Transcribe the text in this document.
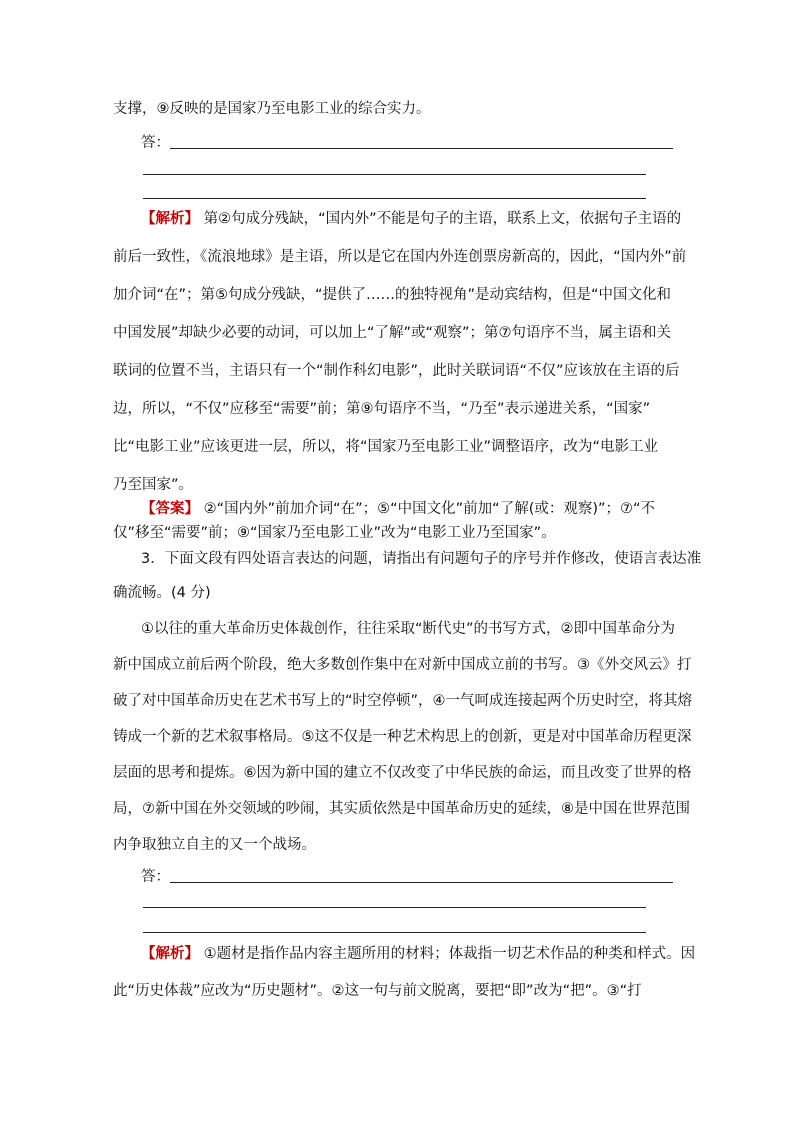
支撑，⑨反映的是国家乃至电影工业的综合实力。
答：
【解析】 第②句成分残缺，“国内外”不能是句子的主语，联系上文，依据句子主语的
前后一致性，《流浪地球》是主语，所以是它在国内外连创票房新高的，因此，“国内外”前
加介词“在”；第⑤句成分残缺，“提供了……的独特视角”是动宾结构，但是“中国文化和
中国发展”却缺少必要的动词，可以加上“了解”或“观察”；第⑦句语序不当，属主语和关
联词的位置不当，主语只有一个“制作科幻电影”，此时关联词语“不仅”应该放在主语的后
边，所以，“不仅”应移至“需要”前；第⑨句语序不当，“乃至”表示递进关系，“国家”
比“电影工业”应该更进一层，所以，将“国家乃至电影工业”调整语序，改为“电影工业
乃至国家”。
【答案】 ②“国内外”前加介词“在”；⑤“中国文化”前加“了解(或：观察)”；⑦“不
仅”移至“需要”前；⑨“国家乃至电影工业”改为“电影工业乃至国家”。
3．下面文段有四处语言表达的问题，请指出有问题句子的序号并作修改，使语言表达准
确流畅。(4 分)
①以往的重大革命历史体裁创作，往往采取“断代史”的书写方式，②即中国革命分为
新中国成立前后两个阶段，绝大多数创作集中在对新中国成立前的书写。③《外交风云》打
破了对中国革命历史在艺术书写上的“时空停顿”，④一气呵成连接起两个历史时空，将其熔
铸成一个新的艺术叙事格局。⑤这不仅是一种艺术构思上的创新，更是对中国革命历程更深
层面的思考和提炼。⑥因为新中国的建立不仅改变了中华民族的命运，而且改变了世界的格
局，⑦新中国在外交领域的吵闹，其实质依然是中国革命历史的延续，⑧是中国在世界范围
内争取独立自主的又一个战场。
答：
【解析】 ①题材是指作品内容主题所用的材料；体裁指一切艺术作品的种类和样式。因
此“历史体裁”应改为“历史题材”。②这一句与前文脱离，要把“即”改为“把”。③“打
